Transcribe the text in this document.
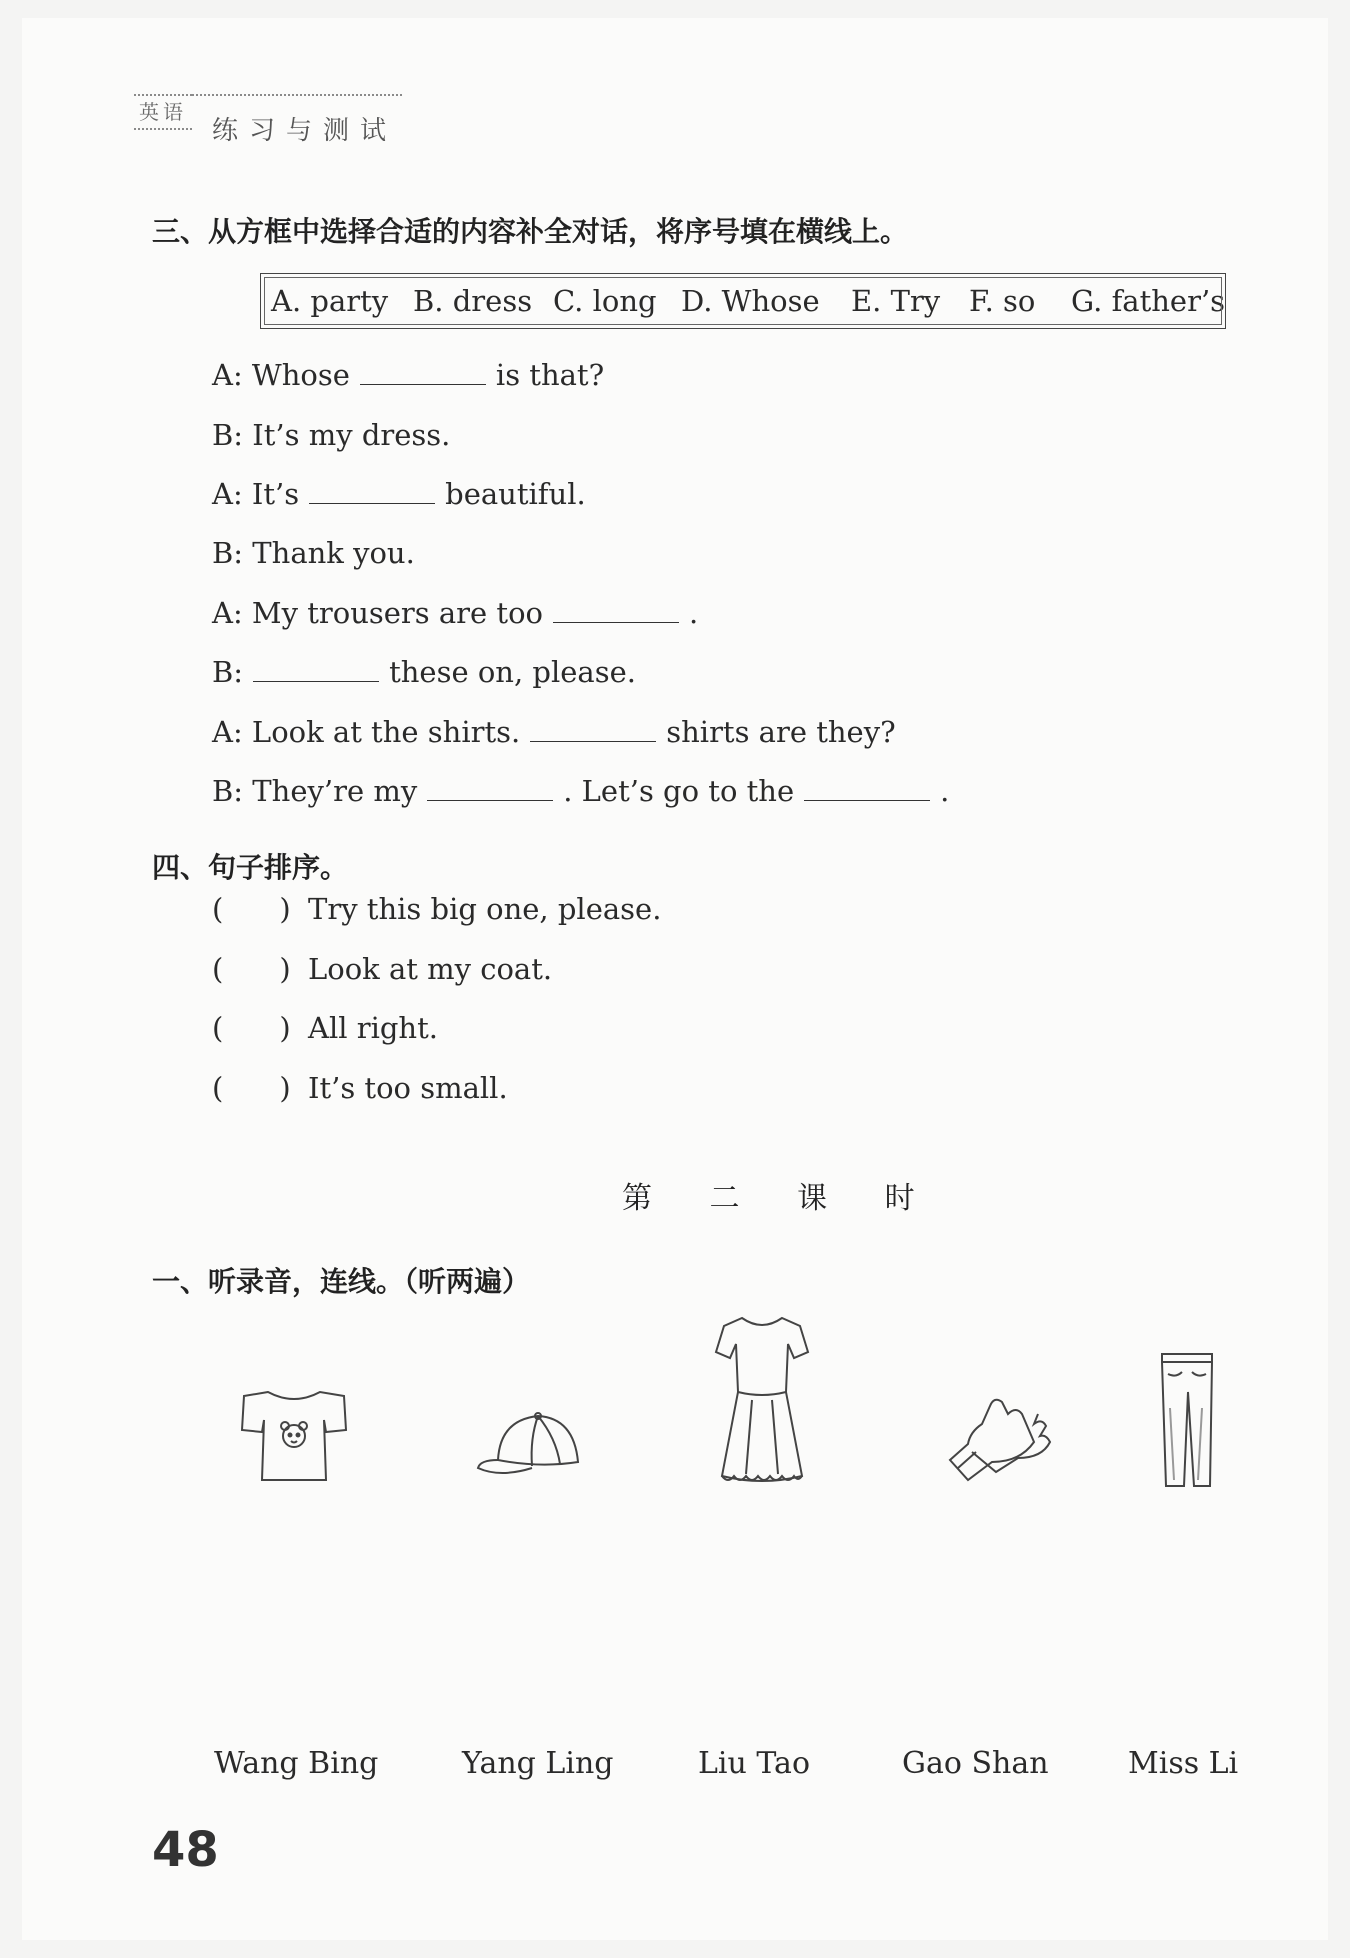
英语
练习与测试
三、从方框中选择合适的内容补全对话，将序号填在横线上。
A. party B. dress C. long D. Whose E. Try F. so G. father’s
A: Whose	is that?
B: It’s my dress.
A: It’s	beautiful.
B: Thank you.
A: My trousers are too	.
B:	these on, please.
A: Look at the shirts.	shirts are they?
B: They’re my	. Let’s go to the	.
四、句子排序。
( ) Try this big one, please.
( ) Look at my coat.
( ) All right.
( ) It’s too small.
第 二 课 时
一、听录音，连线。（听两遍）
Wang Bing	Yang Ling	Liu Tao	Gao Shan	Miss Li
48
